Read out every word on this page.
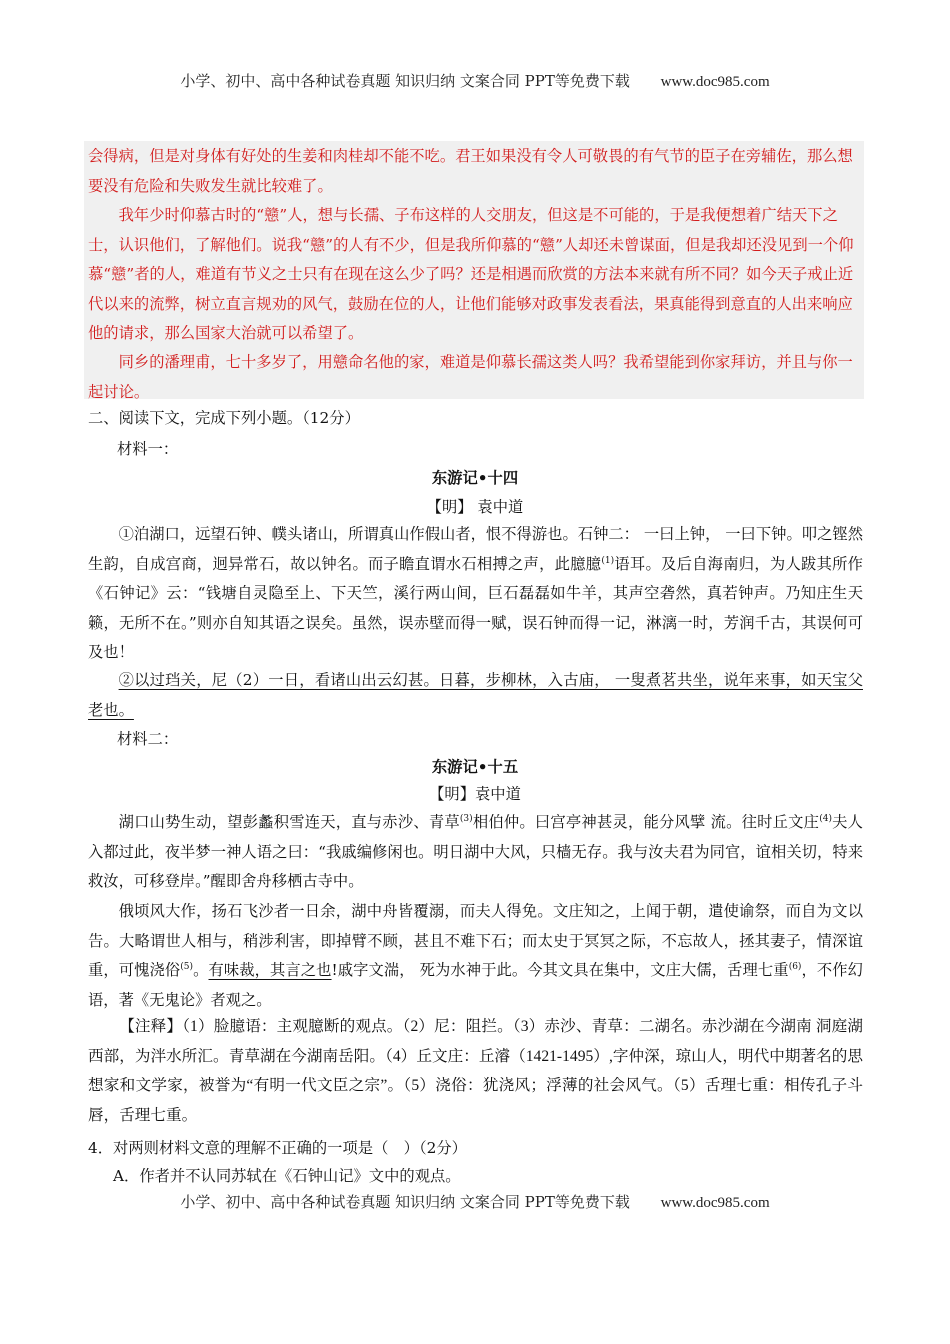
小学、初中、高中各种试卷真题 知识归纳 文案合同 PPT等免费下载 www.doc985.com

会得病，但是对身体有好处的生姜和肉桂却不能不吃。君王如果没有令人可敬畏的有气节的臣子在旁辅佐，那么想要没有危险和失败发生就比较难了。

我年少时仰慕古时的“戆”人，想与长孺、子布这样的人交朋友，但这是不可能的，于是我便想着广结天下之士，认识他们，了解他们。说我“戆”的人有不少，但是我所仰慕的“戆”人却还未曾谋面，但是我却还没见到一个仰慕“戆”者的人，难道有节义之士只有在现在这么少了吗？还是相遇而欣赏的方法本来就有所不同？如今天子戒止近代以来的流弊，树立直言规劝的风气，鼓励在位的人，让他们能够对政事发表看法，果真能得到意直的人出来响应他的请求，那么国家大治就可以希望了。

同乡的潘理甫，七十多岁了，用戆命名他的家，难道是仰慕长孺这类人吗？我希望能到你家拜访，并且与你一起讨论。

二、阅读下文，完成下列小题。（12分）

材料一：

东游记•十四

【明】 袁中道

①泊湖口，远望石钟、幞头诸山，所谓真山作假山者，恨不得游也。石钟二： 一曰上钟， 一曰下钟。叩之铿然生韵，自成宫商，迥异常石，故以钟名。而子瞻直谓水石相搏之声，此臆臆$^{(1)}$语耳。及后自海南归，为人跋其所作《石钟记》云：“钱塘自灵隐至上、下天竺，溪行两山间，巨石磊磊如牛羊，其声空砻然，真若钟声。乃知庄生天籁，无所不在。”则亦自知其语之误矣。虽然，误赤壁而得一赋，误石钟而得一记，淋漓一时，芳润千古，其误何可及也！

②以过珰关，尼（2）一日，看诸山出云幻甚。日暮，步柳林，入古庙， 一叟煮茗共坐，说年来事，如天宝父老也。

材料二：

东游记•十五

【明】袁中道

湖口山势生动，望彭蠡积雪连天，直与赤沙、青草$^{(3)}$相伯仲。曰宫亭神甚灵，能分风擘 流。往时丘文庄$^{(4)}$夫人入都过此，夜半梦一神人语之曰：“我戚编修闲也。明日湖中大风，只樯无存。我与汝夫君为同官，谊相关切，特来救汝，可移登岸。”醒即舍舟移栖古寺中。

俄顷风大作，扬石飞沙者一日余，湖中舟皆覆溺，而夫人得免。文庄知之，上闻于朝，遣使谕祭，而自为文以告。大略谓世人相与，稍涉利害，即掉臂不顾，甚且不难下石；而太史于冥冥之际，不忘故人，拯其妻子，情深谊重，可愧浇俗$^{(5)}$。有味裁，其言之也!戚字文湍， 死为水神于此。今其文具在集中，文庄大儒，舌理七重$^{(6)}$，不作幻语，著《无鬼论》者观之。

【注释】（1）脸臆语：主观臆断的观点。（2）尼：阻拦。（3）赤沙、青草：二湖名。赤沙湖在今湖南 洞庭湖西部，为泮水所汇。青草湖在今湖南岳阳。（4）丘文庄：丘濬（1421-1495）,字仲深，琼山人，明代中期著名的思想家和文学家，被誉为“有明一代文臣之宗”。（5）浇俗：犹浇风；浮薄的社会风气。（5）舌理七重：相传孔子斗唇，舌理七重。

4．对两则材料文意的理解不正确的一项是（　）（2分）

A．作者并不认同苏轼在《石钟山记》文中的观点。

小学、初中、高中各种试卷真题 知识归纳 文案合同 PPT等免费下载 www.doc985.com
